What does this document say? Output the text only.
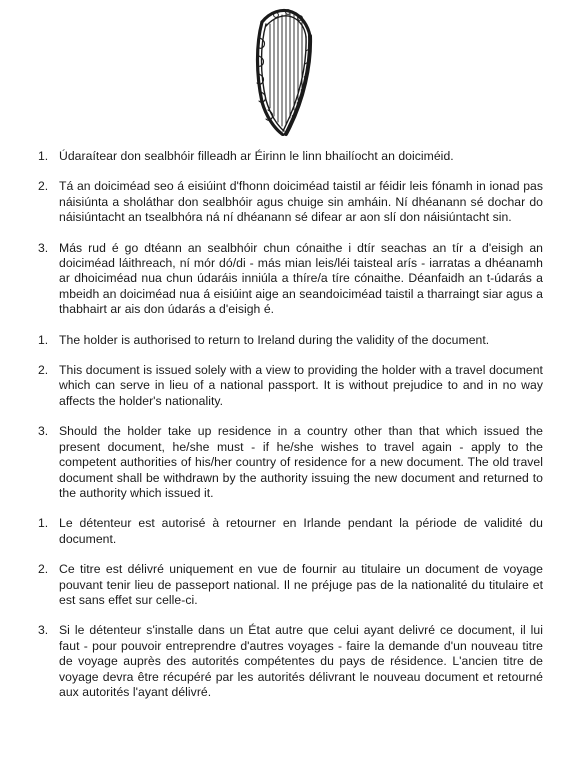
1. Údaraítear don sealbhóir filleadh ar Éirinn le linn bhailíocht an doiciméid.
2. Tá an doiciméad seo á eisiúint d'fhonn doiciméad taistil ar féidir leis fónamh in ionad pas náisiúnta a sholáthar don sealbhóir agus chuige sin amháin. Ní dhéanann sé dochar do náisiúntacht an tsealbhóra ná ní dhéanann sé difear ar aon slí don náisiúntacht sin.
3. Más rud é go dtéann an sealbhóir chun cónaithe i dtír seachas an tír a d'eisigh an doiciméad láithreach, ní mór dó/di - más mian leis/léi taisteal arís - iarratas a dhéanamh ar dhoiciméad nua chun údaráis inniúla a thíre/a tíre cónaithe. Déanfaidh an t-údarás a mbeidh an doiciméad nua á eisiúint aige an seandoiciméad taistil a tharraingt siar agus a thabhairt ar ais don údarás a d'eisigh é.
1. The holder is authorised to return to Ireland during the validity of the document.
2. This document is issued solely with a view to providing the holder with a travel document which can serve in lieu of a national passport. It is without prejudice to and in no way affects the holder's nationality.
3. Should the holder take up residence in a country other than that which issued the present document, he/she must - if he/she wishes to travel again - apply to the competent authorities of his/her country of residence for a new document. The old travel document shall be withdrawn by the authority issuing the new document and returned to the authority which issued it.
1. Le détenteur est autorisé à retourner en Irlande pendant la période de validité du document.
2. Ce titre est délivré uniquement en vue de fournir au titulaire un document de voyage pouvant tenir lieu de passeport national. Il ne préjuge pas de la nationalité du titulaire et est sans effet sur celle-ci.
3. Si le détenteur s'installe dans un État autre que celui ayant delivré ce document, il lui faut - pour pouvoir entreprendre d'autres voyages - faire la demande d'un nouveau titre de voyage auprès des autorités compétentes du pays de résidence. L'ancien titre de voyage devra être récupéré par les autorités délivrant le nouveau document et retourné aux autorités l'ayant délivré.
